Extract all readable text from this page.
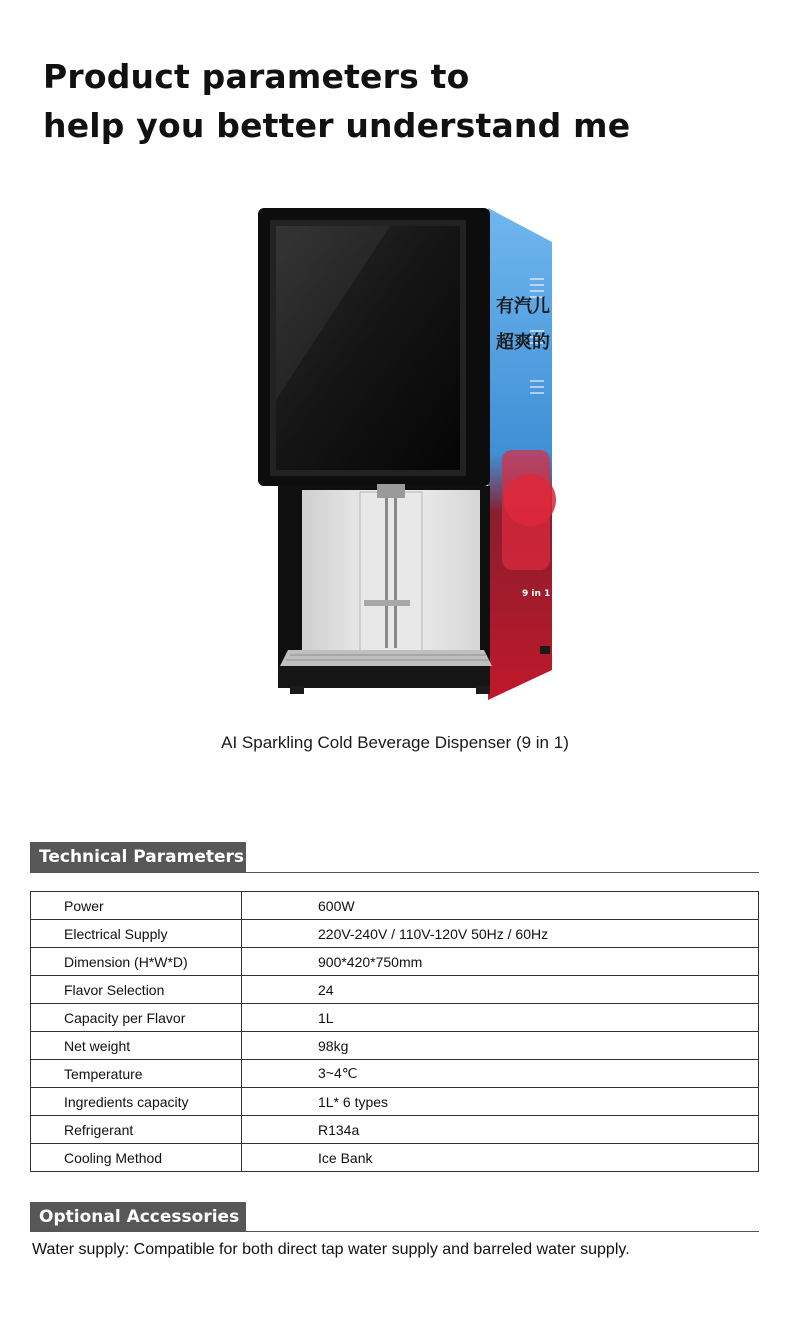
Product parameters to
help you better understand me
有汽儿
超爽的
9 in 1
AI Sparkling Cold Beverage Dispenser (9 in 1)
Technical Parameters
Power	600W
Electrical Supply	220V-240V / 110V-120V 50Hz / 60Hz
Dimension (H*W*D)	900*420*750mm
Flavor Selection	24
Capacity per Flavor	1L
Net weight	98kg
Temperature	3~4℃
Ingredients capacity	1L* 6 types
Refrigerant	R134a
Cooling Method	Ice Bank
Optional Accessories
Water supply: Compatible for both direct tap water supply and barreled water supply.
